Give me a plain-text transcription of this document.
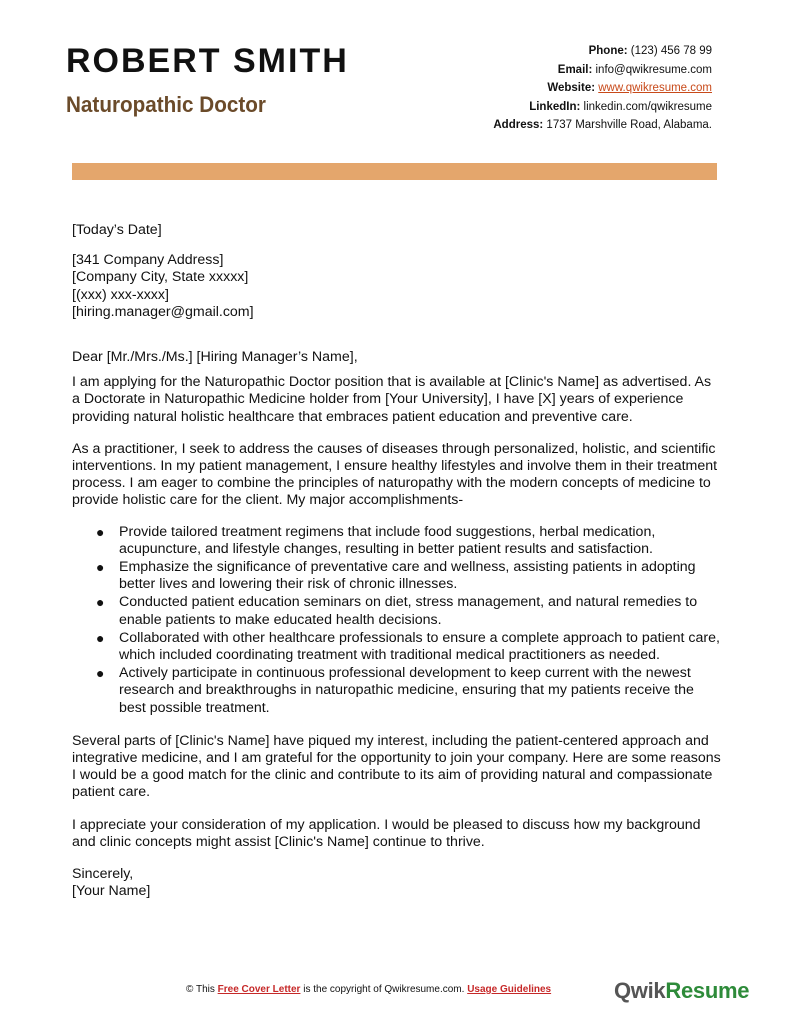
ROBERT SMITH
Naturopathic Doctor
Phone: (123) 456 78 99
Email: info@qwikresume.com
Website: www.qwikresume.com
LinkedIn: linkedin.com/qwikresume
Address: 1737 Marshville Road, Alabama.

[Today’s Date]

[341 Company Address]

[Company City, State xxxxx]

[(xxx) xxx-xxxx]

[hiring.manager@gmail.com]

Dear [Mr./Mrs./Ms.] [Hiring Manager’s Name],

I am applying for the Naturopathic Doctor position that is available at [Clinic's Name] as advertised. As a Doctorate in Naturopathic Medicine holder from [Your University], I have [X] years of experience providing natural holistic healthcare that embraces patient education and preventive care.

As a practitioner, I seek to address the causes of diseases through personalized, holistic, and scientific interventions. In my patient management, I ensure healthy lifestyles and involve them in their treatment process. I am eager to combine the principles of naturopathy with the modern concepts of medicine to provide holistic care for the client. My major accomplishments-

● Provide tailored treatment regimens that include food suggestions, herbal medication, acupuncture, and lifestyle changes, resulting in better patient results and satisfaction.
● Emphasize the significance of preventative care and wellness, assisting patients in adopting better lives and lowering their risk of chronic illnesses.
● Conducted patient education seminars on diet, stress management, and natural remedies to enable patients to make educated health decisions.
● Collaborated with other healthcare professionals to ensure a complete approach to patient care, which included coordinating treatment with traditional medical practitioners as needed.
● Actively participate in continuous professional development to keep current with the newest research and breakthroughs in naturopathic medicine, ensuring that my patients receive the best possible treatment.

Several parts of [Clinic's Name] have piqued my interest, including the patient-centered approach and integrative medicine, and I am grateful for the opportunity to join your company. Here are some reasons I would be a good match for the clinic and contribute to its aim of providing natural and compassionate patient care.

I appreciate your consideration of my application. I would be pleased to discuss how my background and clinic concepts might assist [Clinic's Name] continue to thrive.

Sincerely,

[Your Name]

© This Free Cover Letter is the copyright of Qwikresume.com. Usage Guidelines	QwikResume
